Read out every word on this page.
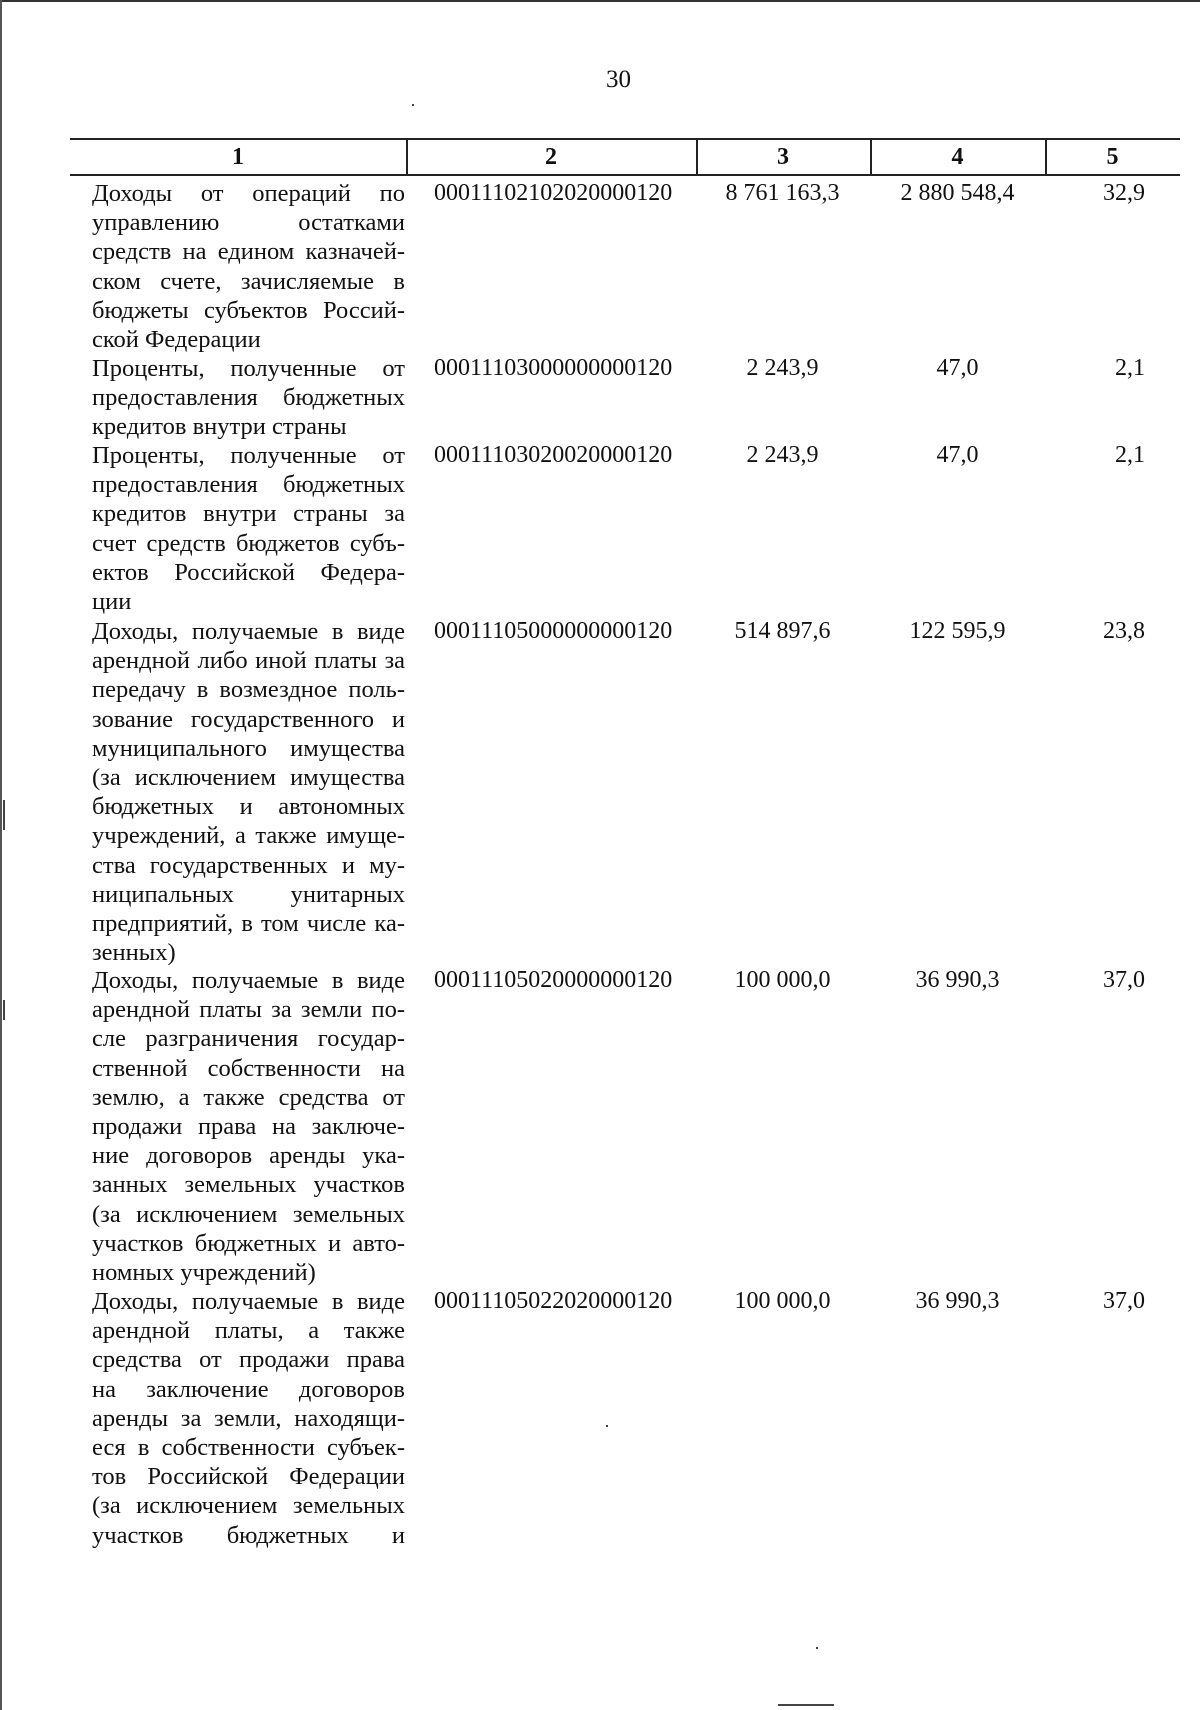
30
1	2	3	4	5
Доходы от операций по
управлению остатками
средств на едином казначей-
ском счете, зачисляемые в
бюджеты субъектов Россий-
ской Федерации
00011102102020000120	8 761 163,3	2 880 548,4	32,9
Проценты, полученные от
предоставления бюджетных
кредитов внутри страны
00011103000000000120	2 243,9	47,0	2,1
Проценты, полученные от
предоставления бюджетных
кредитов внутри страны за
счет средств бюджетов субъ-
ектов Российской Федера-
ции
00011103020020000120	2 243,9	47,0	2,1
Доходы, получаемые в виде
арендной либо иной платы за
передачу в возмездное поль-
зование государственного и
муниципального имущества
(за исключением имущества
бюджетных и автономных
учреждений, а также имуще-
ства государственных и му-
ниципальных унитарных
предприятий, в том числе ка-
зенных)
00011105000000000120	514 897,6	122 595,9	23,8
Доходы, получаемые в виде
арендной платы за земли по-
сле разграничения государ-
ственной собственности на
землю, а также средства от
продажи права на заключе-
ние договоров аренды ука-
занных земельных участков
(за исключением земельных
участков бюджетных и авто-
номных учреждений)
00011105020000000120	100 000,0	36 990,3	37,0
Доходы, получаемые в виде
арендной платы, а также
средства от продажи права
на заключение договоров
аренды за земли, находящи-
еся в собственности субъек-
тов Российской Федерации
(за исключением земельных
участков бюджетных и
00011105022020000120	100 000,0	36 990,3	37,0
